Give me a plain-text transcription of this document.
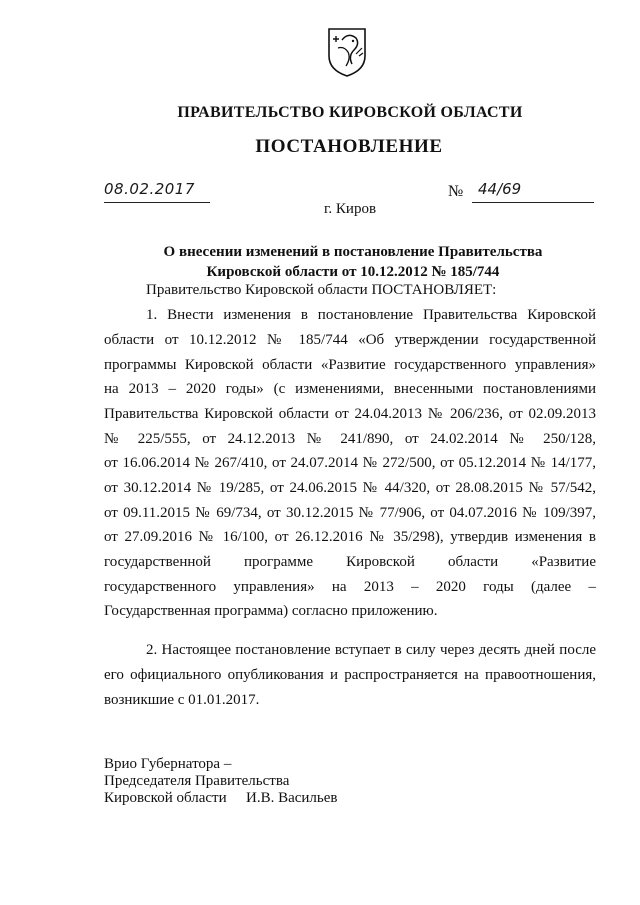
ПРАВИТЕЛЬСТВО КИРОВСКОЙ ОБЛАСТИ
ПОСТАНОВЛЕНИЕ
08.02.2017	№ 44/69
г. Киров
О внесении изменений в постановление Правительства
Кировской области от 10.12.2012 № 185/744
Правительство Кировской области ПОСТАНОВЛЯЕТ:
1. Внести изменения в постановление Правительства Кировской
области от 10.12.2012 № 185/744 «Об утверждении государственной
программы Кировской области «Развитие государственного управления»
на 2013 – 2020 годы» (с изменениями, внесенными постановлениями
Правительства Кировской области от 24.04.2013 № 206/236, от 02.09.2013
№ 225/555, от 24.12.2013 № 241/890, от 24.02.2014 № 250/128,
от 16.06.2014 № 267/410, от 24.07.2014 № 272/500, от 05.12.2014 № 14/177,
от 30.12.2014 № 19/285, от 24.06.2015 № 44/320, от 28.08.2015 № 57/542,
от 09.11.2015 № 69/734, от 30.12.2015 № 77/906, от 04.07.2016 № 109/397,
от 27.09.2016 № 16/100, от 26.12.2016 № 35/298), утвердив изменения в
государственной программе Кировской области «Развитие
государственного управления» на 2013 – 2020 годы (далее –
Государственная программа) согласно приложению.
2. Настоящее постановление вступает в силу через десять дней после
его официального опубликования и распространяется на правоотношения,
возникшие с 01.01.2017.
Врио Губернатора –
Председателя Правительства
Кировской области И.В. Васильев
